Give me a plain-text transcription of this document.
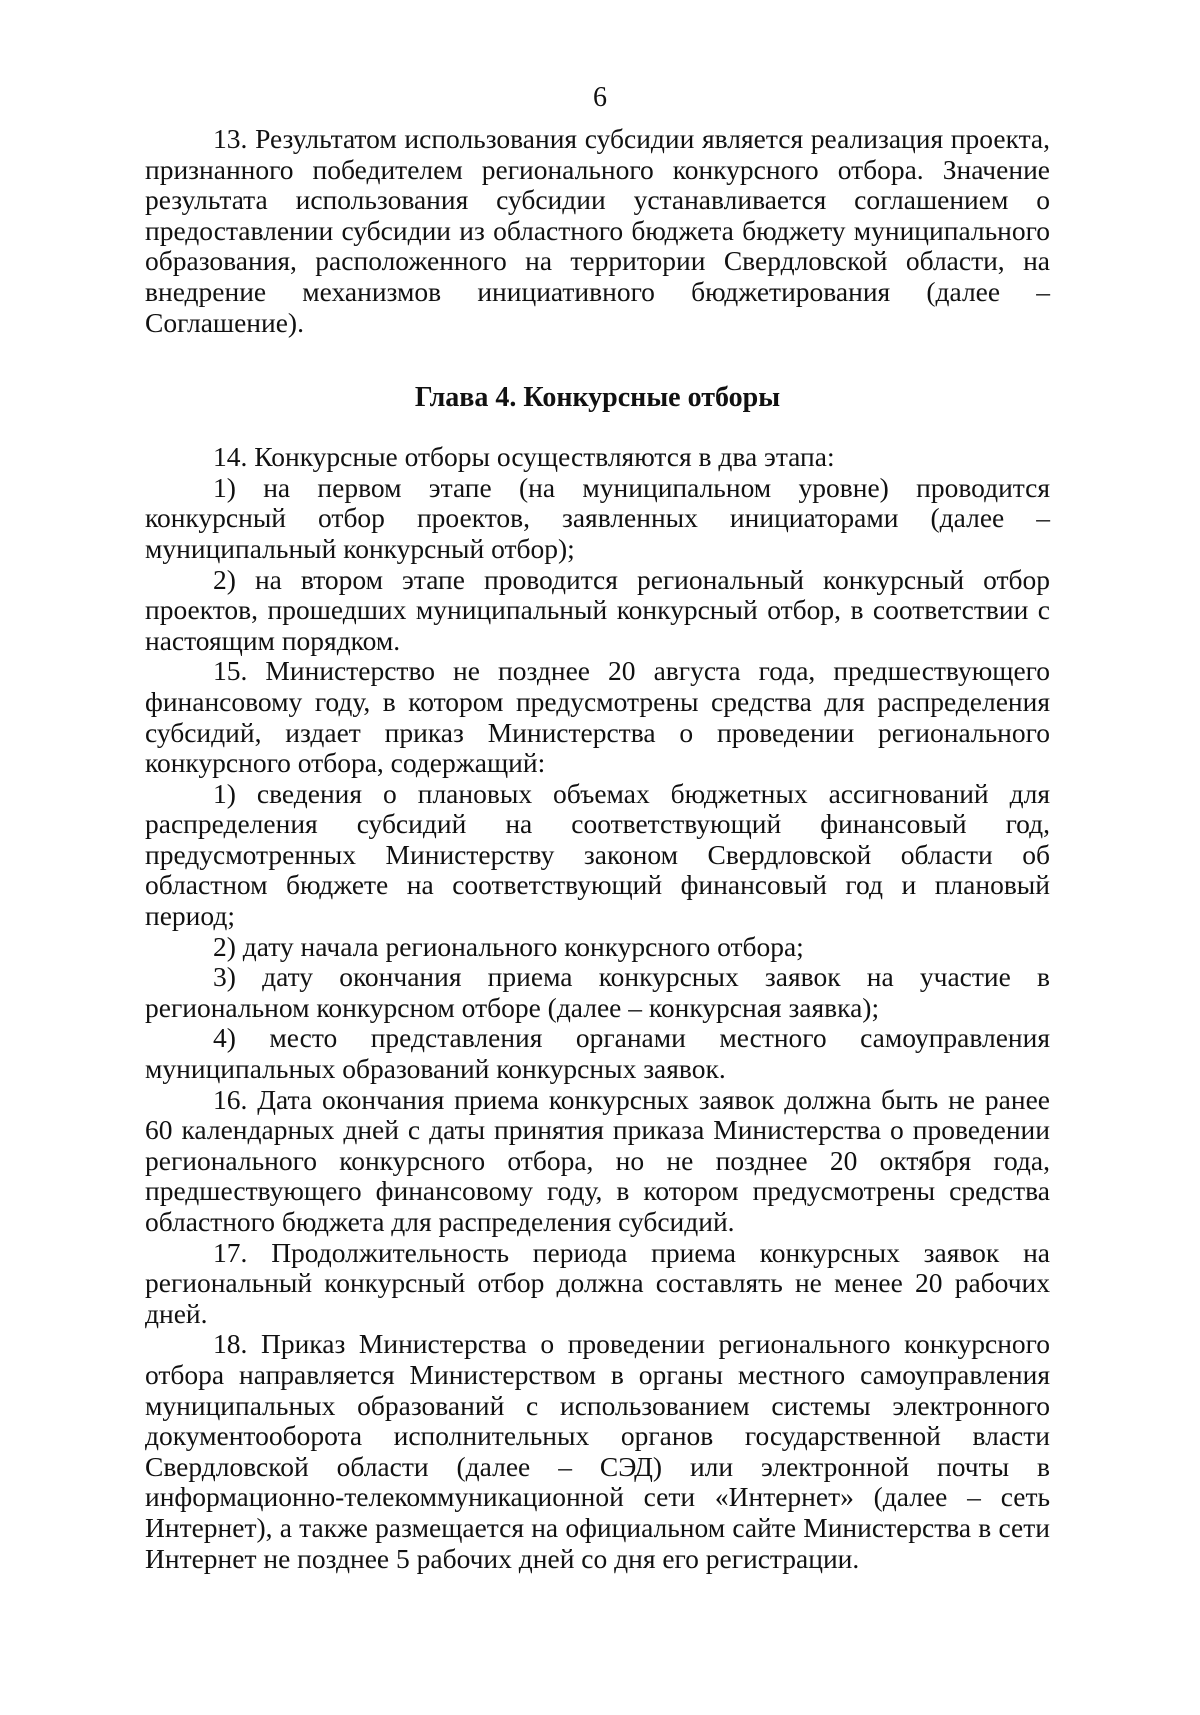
6

13. Результатом использования субсидии является реализация проекта, признанного победителем регионального конкурсного отбора. Значение результата использования субсидии устанавливается соглашением о предоставлении субсидии из областного бюджета бюджету муниципального образования, расположенного на территории Свердловской области, на внедрение механизмов инициативного бюджетирования (далее – Соглашение).

Глава 4. Конкурсные отборы

14. Конкурсные отборы осуществляются в два этапа:

1) на первом этапе (на муниципальном уровне) проводится конкурсный отбор проектов, заявленных инициаторами (далее – муниципальный конкурсный отбор);

2) на втором этапе проводится региональный конкурсный отбор проектов, прошедших муниципальный конкурсный отбор, в соответствии с настоящим порядком.

15. Министерство не позднее 20 августа года, предшествующего финансовому году, в котором предусмотрены средства для распределения субсидий, издает приказ Министерства о проведении регионального конкурсного отбора, содержащий:

1) сведения о плановых объемах бюджетных ассигнований для распределения субсидий на соответствующий финансовый год, предусмотренных Министерству законом Свердловской области об областном бюджете на соответствующий финансовый год и плановый период;

2) дату начала регионального конкурсного отбора;

3) дату окончания приема конкурсных заявок на участие в региональном конкурсном отборе (далее – конкурсная заявка);

4) место представления органами местного самоуправления муниципальных образований конкурсных заявок.

16. Дата окончания приема конкурсных заявок должна быть не ранее 60 календарных дней с даты принятия приказа Министерства о проведении регионального конкурсного отбора, но не позднее 20 октября года, предшествующего финансовому году, в котором предусмотрены средства областного бюджета для распределения субсидий.

17. Продолжительность периода приема конкурсных заявок на региональный конкурсный отбор должна составлять не менее 20 рабочих дней.

18. Приказ Министерства о проведении регионального конкурсного отбора направляется Министерством в органы местного самоуправления муниципальных образований с использованием системы электронного документооборота исполнительных органов государственной власти Свердловской области (далее – СЭД) или электронной почты в информационно-телекоммуникационной сети «Интернет» (далее – сеть Интернет), а также размещается на официальном сайте Министерства в сети Интернет не позднее 5 рабочих дней со дня его регистрации.
